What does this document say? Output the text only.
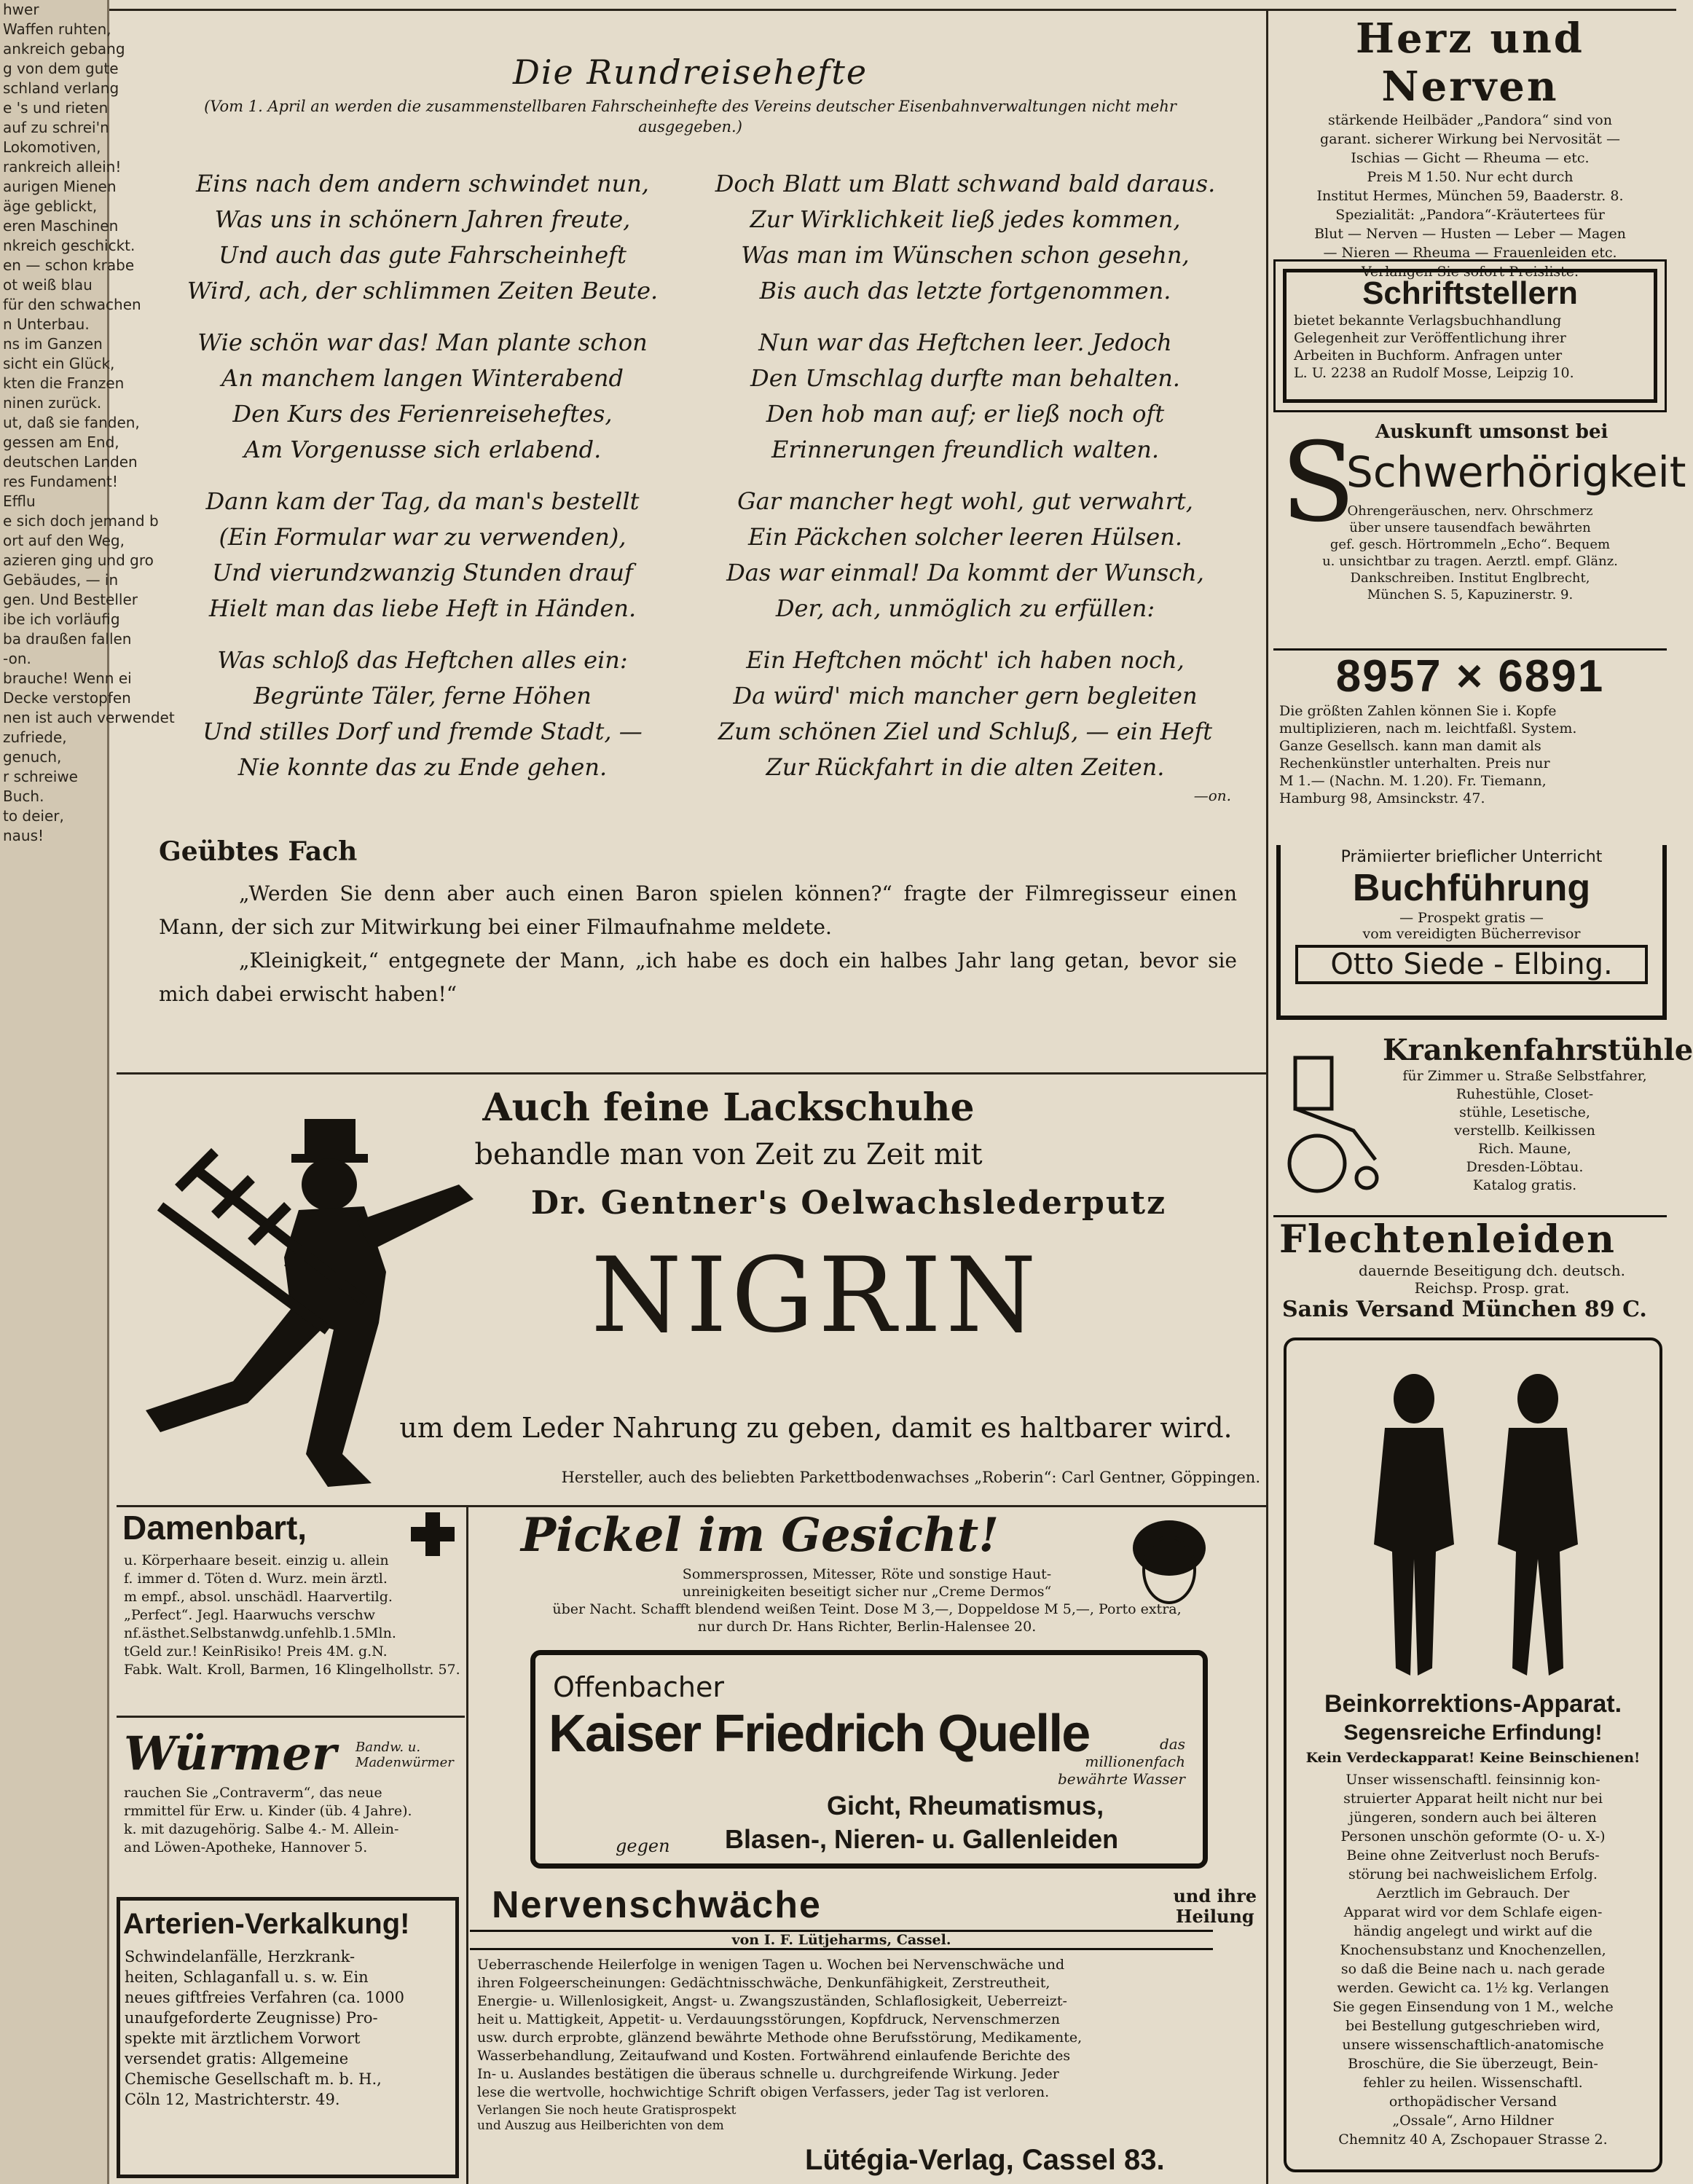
hwer
Waffen ruhten,
ankreich gebang
g von dem gute
schland verlang
e 's und rieten
auf zu schrei'n
Lokomotiven,
rankreich allein!
aurigen Mienen
äge geblickt,
eren Maschinen
nkreich geschickt.
en — schon krabe
ot weiß blau
für den schwachen
n Unterbau.
ns im Ganzen
sicht ein Glück,
kten die Franzen
ninen zurück.
ut, daß sie fanden,
gessen am End,
deutschen Landen
res Fundament!
Efflu
e sich doch jemand b
ort auf den Weg,
azieren ging und gro
Gebäudes, — in
gen. Und Besteller
ibe ich vorläufig
ba draußen fallen
-on.
brauche! Wenn ei
Decke verstopfen
nen ist auch verwendet
zufriede,
genuch,
r schreiwe
Buch.
to deier,
naus!
Die Rundreisehefte
(Vom 1. April an werden die zusammenstellbaren Fahrscheinhefte des Vereins deutscher Eisenbahnverwaltungen nicht mehr ausgegeben.)
Eins nach dem andern schwindet nun,
Was uns in schönern Jahren freute,
Und auch das gute Fahrscheinheft
Wird, ach, der schlimmen Zeiten Beute.
Wie schön war das! Man plante schon
An manchem langen Winterabend
Den Kurs des Ferienreiseheftes,
Am Vorgenusse sich erlabend.
Dann kam der Tag, da man's bestellt
(Ein Formular war zu verwenden),
Und vierundzwanzig Stunden drauf
Hielt man das liebe Heft in Händen.
Was schloß das Heftchen alles ein:
Begrünte Täler, ferne Höhen
Und stilles Dorf und fremde Stadt, —
Nie konnte das zu Ende gehen.
Doch Blatt um Blatt schwand bald daraus.
Zur Wirklichkeit ließ jedes kommen,
Was man im Wünschen schon gesehn,
Bis auch das letzte fortgenommen.
Nun war das Heftchen leer. Jedoch
Den Umschlag durfte man behalten.
Den hob man auf; er ließ noch oft
Erinnerungen freundlich walten.
Gar mancher hegt wohl, gut verwahrt,
Ein Päckchen solcher leeren Hülsen.
Das war einmal! Da kommt der Wunsch,
Der, ach, unmöglich zu erfüllen:
Ein Heftchen möcht' ich haben noch,
Da würd' mich mancher gern begleiten
Zum schönen Ziel und Schluß, — ein Heft
Zur Rückfahrt in die alten Zeiten.
—on.
Geübtes Fach
„Werden Sie denn aber auch einen Baron spielen können?“ fragte der Filmregisseur einen Mann, der sich zur Mitwirkung bei einer Filmaufnahme meldete.
„Kleinigkeit,“ entgegnete der Mann, „ich habe es doch ein halbes Jahr lang getan, bevor sie mich dabei erwischt haben!“
Auch feine Lackschuhe
behandle man von Zeit zu Zeit mit
Dr. Gentner's Oelwachslederputz
NIGRIN
um dem Leder Nahrung zu geben, damit es haltbarer wird.
Hersteller, auch des beliebten Parkettbodenwachses „Roberin“: Carl Gentner, Göppingen.
Damenbart,
u. Körperhaare beseit. einzig u. allein
f. immer d. Töten d. Wurz. mein ärztl.
m empf., absol. unschädl. Haarvertilg.
„Perfect“. Jegl. Haarwuchs verschw
nf.ästhet.Selbstanwdg.unfehlb.1.5Mln.
tGeld zur.! KeinRisiko! Preis 4M. g.N.
Fabk. Walt. Kroll, Barmen, 16 Klingelhollstr. 57.
Würmer	Bandw. u. Madenwürmer
rauchen Sie „Contraverm“, das neue
rmmittel für Erw. u. Kinder (üb. 4 Jahre).
k. mit dazugehörig. Salbe 4.- M. Allein-
and Löwen-Apotheke, Hannover 5.
Arterien-Verkalkung!
Schwindelanfälle, Herzkrank-
heiten, Schlaganfall u. s. w. Ein
neues giftfreies Verfahren (ca. 1000
unaufgeforderte Zeugnisse) Pro-
spekte mit ärztlichem Vorwort
versendet gratis: Allgemeine
Chemische Gesellschaft m. b. H.,
Cöln 12, Mastrichterstr. 49.
Pickel im Gesicht!
Sommersprossen, Mitesser, Röte und sonstige Haut-
unreinigkeiten beseitigt sicher nur „Creme Dermos“
über Nacht. Schafft blendend weißen Teint. Dose M 3,—, Doppeldose M 5,—, Porto extra,
nur durch Dr. Hans Richter, Berlin-Halensee 20.
Offenbacher
Kaiser Friedrich Quelle	das
millionenfach
bewährte Wasser
Gicht, Rheumatismus,
gegen Blasen-, Nieren- u. Gallenleiden
Nervenschwäche	und ihre
Heilung
von I. F. Lütjeharms, Cassel.
Ueberraschende Heilerfolge in wenigen Tagen u. Wochen bei Nervenschwäche und
ihren Folgeerscheinungen: Gedächtnisschwäche, Denkunfähigkeit, Zerstreutheit,
Energie- u. Willenlosigkeit, Angst- u. Zwangszuständen, Schlaflosigkeit, Ueberreizt-
heit u. Mattigkeit, Appetit- u. Verdauungsstörungen, Kopfdruck, Nervenschmerzen
usw. durch erprobte, glänzend bewährte Methode ohne Berufsstörung, Medikamente,
Wasserbehandlung, Zeitaufwand und Kosten. Fortwährend einlaufende Berichte des
In- u. Auslandes bestätigen die überaus schnelle u. durchgreifende Wirkung. Jeder
lese die wertvolle, hochwichtige Schrift obigen Verfassers, jeder Tag ist verloren.
Verlangen Sie noch heute Gratisprospekt
und Auszug aus Heilberichten von dem
Lütégia-Verlag, Cassel 83.
Herz und Nerven
stärkende Heilbäder „Pandora“ sind von
garant. sicherer Wirkung bei Nervosität —
Ischias — Gicht — Rheuma — etc.
Preis M 1.50. Nur echt durch
Institut Hermes, München 59, Baaderstr. 8.
Spezialität: „Pandora“-Kräutertees für
Blut — Nerven — Husten — Leber — Magen
— Nieren — Rheuma — Frauenleiden etc.
Verlangen Sie sofort Preisliste.
Schriftstellern
bietet bekannte Verlagsbuchhandlung
Gelegenheit zur Veröffentlichung ihrer
Arbeiten in Buchform. Anfragen unter
L. U. 2238 an Rudolf Mosse, Leipzig 10.
Auskunft umsonst bei
S
Schwerhörigkeit
Ohrengeräuschen, nerv. Ohrschmerz
über unsere tausendfach bewährten
gef. gesch. Hörtrommeln „Echo“. Bequem
u. unsichtbar zu tragen. Aerztl. empf. Glänz.
Dankschreiben. Institut Englbrecht,
München S. 5, Kapuzinerstr. 9.
8957 × 6891
Die größten Zahlen können Sie i. Kopfe
multiplizieren, nach m. leichtfaßl. System.
Ganze Gesellsch. kann man damit als
Rechenkünstler unterhalten. Preis nur
M 1.— (Nachn. M. 1.20). Fr. Tiemann,
Hamburg 98, Amsinckstr. 47.
Prämiierter brieflicher Unterricht
Buchführung
— Prospekt gratis —
vom vereidigten Bücherrevisor
Otto Siede - Elbing.
Krankenfahrstühle
für Zimmer u. Straße Selbstfahrer,
Ruhestühle, Closet-
stühle, Lesetische,
verstellb. Keilkissen
Rich. Maune,
Dresden-Löbtau.
Katalog gratis.
Flechtenleiden
dauernde Beseitigung dch. deutsch.
Reichsp. Prosp. grat.
Sanis Versand München 89 C.
Beinkorrektions-Apparat.
Segensreiche Erfindung!
Kein Verdeckapparat! Keine Beinschienen!
Unser wissenschaftl. feinsinnig kon-
struierter Apparat heilt nicht nur bei
jüngeren, sondern auch bei älteren
Personen unschön geformte (O- u. X-)
Beine ohne Zeitverlust noch Berufs-
störung bei nachweislichem Erfolg.
Aerztlich im Gebrauch. Der
Apparat wird vor dem Schlafe eigen-
händig angelegt und wirkt auf die
Knochensubstanz und Knochenzellen,
so daß die Beine nach u. nach gerade
werden. Gewicht ca. 1½ kg. Verlangen
Sie gegen Einsendung von 1 M., welche
bei Bestellung gutgeschrieben wird,
unsere wissenschaftlich-anatomische
Broschüre, die Sie überzeugt, Bein-
fehler zu heilen. Wissenschaftl.
orthopädischer Versand
„Ossale“, Arno Hildner
Chemnitz 40 A, Zschopauer Strasse 2.
